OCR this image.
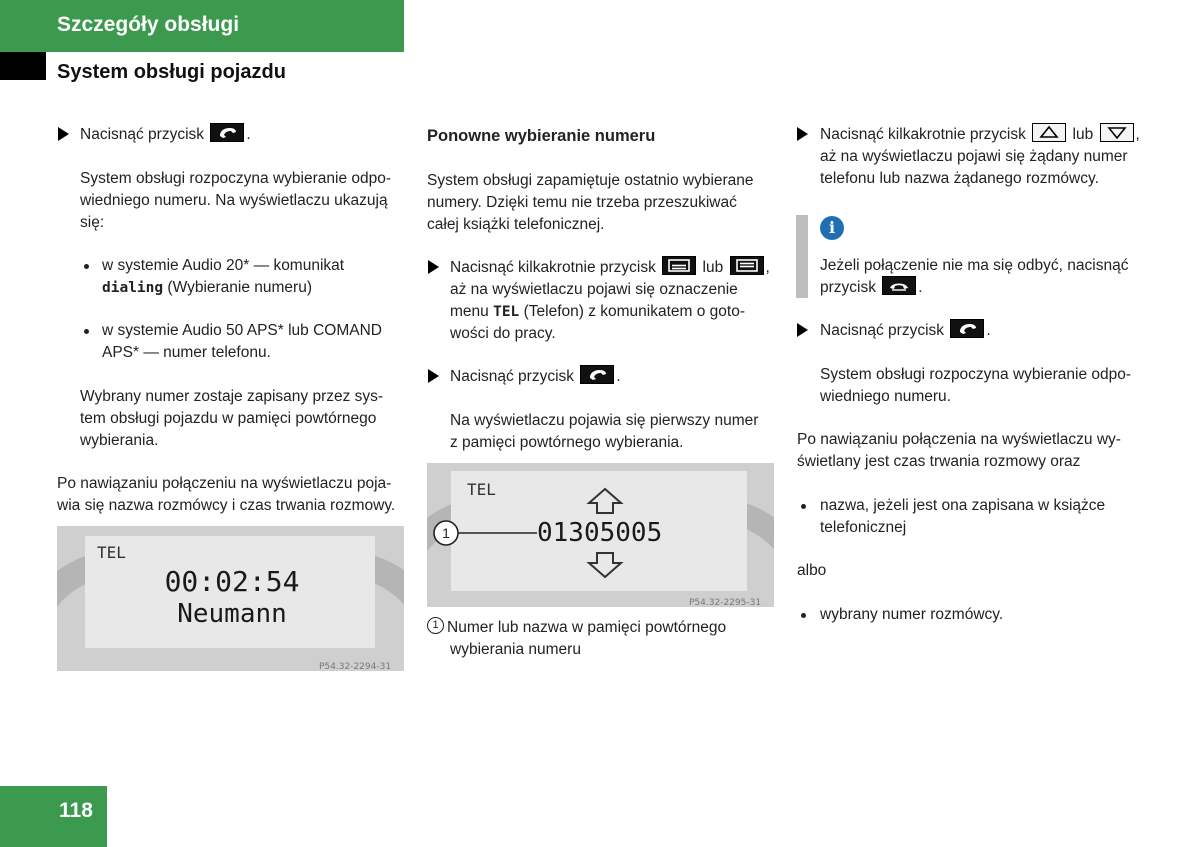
Szczegóły obsługi
System obsługi pojazdu

Nacisnąć przycisk	.

System obsługi rozpoczyna wybieranie odpo-

wiedniego numeru. Na wyświetlaczu ukazują

się:

w systemie Audio 20* — komunikat

dialing (Wybieranie numeru)

w systemie Audio 50 APS* lub COMAND

APS* — numer telefonu.

Wybrany numer zostaje zapisany przez sys-

tem obsługi pojazdu w pamięci powtórnego

wybierania.

Po nawiązaniu połączeniu na wyświetlaczu poja-

wia się nazwa rozmówcy i czas trwania rozmowy.

TEL
00:02:54
Neumann
P54.32-2294-31

Ponowne wybieranie numeru

System obsługi zapamiętuje ostatnio wybierane

numery. Dzięki temu nie trzeba przeszukiwać

całej książki telefonicznej.

Nacisnąć kilkakrotnie przycisk	lub	,

aż na wyświetlaczu pojawi się oznaczenie

menu TEL (Telefon) z komunikatem o goto-

wości do pracy.

Nacisnąć przycisk	.

Na wyświetlaczu pojawia się pierwszy numer

z pamięci powtórnego wybierania.

TEL
1	01305005
P54.32-2295-31

1 Numer lub nazwa w pamięci powtórnego

wybierania numeru

Nacisnąć kilkakrotnie przycisk	lub	,

aż na wyświetlaczu pojawi się żądany numer

telefonu lub nazwa żądanego rozmówcy.

i

Jeżeli połączenie nie ma się odbyć, nacisnąć

przycisk	.

Nacisnąć przycisk	.

System obsługi rozpoczyna wybieranie odpo-

wiedniego numeru.

Po nawiązaniu połączenia na wyświetlaczu wy-

świetlany jest czas trwania rozmowy oraz

nazwa, jeżeli jest ona zapisana w książce

telefonicznej

albo

wybrany numer rozmówcy.

118
